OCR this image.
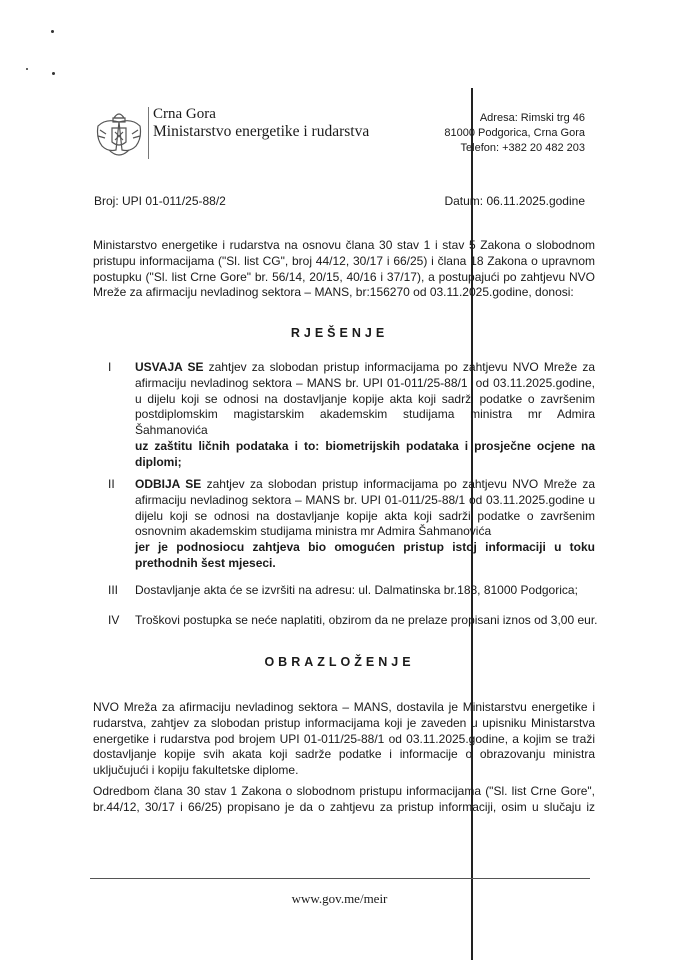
Crna Gora
Ministarstvo energetike i rudarstva
Adresa: Rimski trg 46
81000 Podgorica, Crna Gora
Telefon: +382 20 482 203
Broj: UPI 01-011/25-88/2	Datum: 06.11.2025.godine
Ministarstvo energetike i rudarstva na osnovu člana 30 stav 1 i stav 5 Zakona o slobodnom
pristupu informacijama ("Sl. list CG", broj 44/12, 30/17 i 66/25) i člana 18 Zakona o upravnom
postupku ("Sl. list Crne Gore" br. 56/14, 20/15, 40/16 i 37/17), a postupajući po zahtjevu NVO
Mreže za afirmaciju nevladinog sektora – MANS, br:156270 od 03.11.2025.godine, donosi:
RJEŠENJE
I	USVAJA SE zahtjev za slobodan pristup informacijama po zahtjevu NVO Mreže za
afirmaciju nevladinog sektora – MANS br. UPI 01-011/25-88/1  od 03.11.2025.godine,
u dijelu koji se odnosi na dostavljanje kopije akta koji sadrži podatke o završenim
postdiplomskim magistarskim akademskim studijama ministra mr Admira
Šahmanovića
uz zaštitu ličnih podataka i to: biometrijskih podataka i prosječne ocjene na
diplomi;
II	ODBIJA SE zahtjev za slobodan pristup informacijama po zahtjevu NVO Mreže za
afirmaciju nevladinog sektora – MANS br. UPI 01-011/25-88/1 od 03.11.2025.godine u
dijelu koji se odnosi na dostavljanje kopije akta koji sadrži podatke o završenim
osnovnim akademskim studijama ministra mr Admira Šahmanovića
jer je podnosiocu zahtjeva bio omogućen pristup istoj informaciji u toku
prethodnih šest mjeseci.
III	Dostavljanje akta će se izvršiti na adresu: ul. Dalmatinska br.188, 81000 Podgorica;
IV	Troškovi postupka se neće naplatiti, obzirom da ne prelaze propisani iznos od 3,00 eur.
OBRAZLOŽENJE
NVO Mreža za afirmaciju nevladinog sektora – MANS, dostavila je Ministarstvu energetike i
rudarstva, zahtjev za slobodan pristup informacijama koji je zaveden u upisniku Ministarstva
energetike i rudarstva pod brojem UPI 01-011/25-88/1 od 03.11.2025.godine, a kojim se traži
dostavljanje kopije svih akata koji sadrže podatke i informacije o obrazovanju ministra
uključujući i kopiju fakultetske diplome.
Odredbom člana 30 stav 1 Zakona o slobodnom pristupu informacijama ("Sl. list Crne Gore",
br.44/12, 30/17 i 66/25) propisano je da o zahtjevu za pristup informaciji, osim u slučaju iz
www.gov.me/meir
